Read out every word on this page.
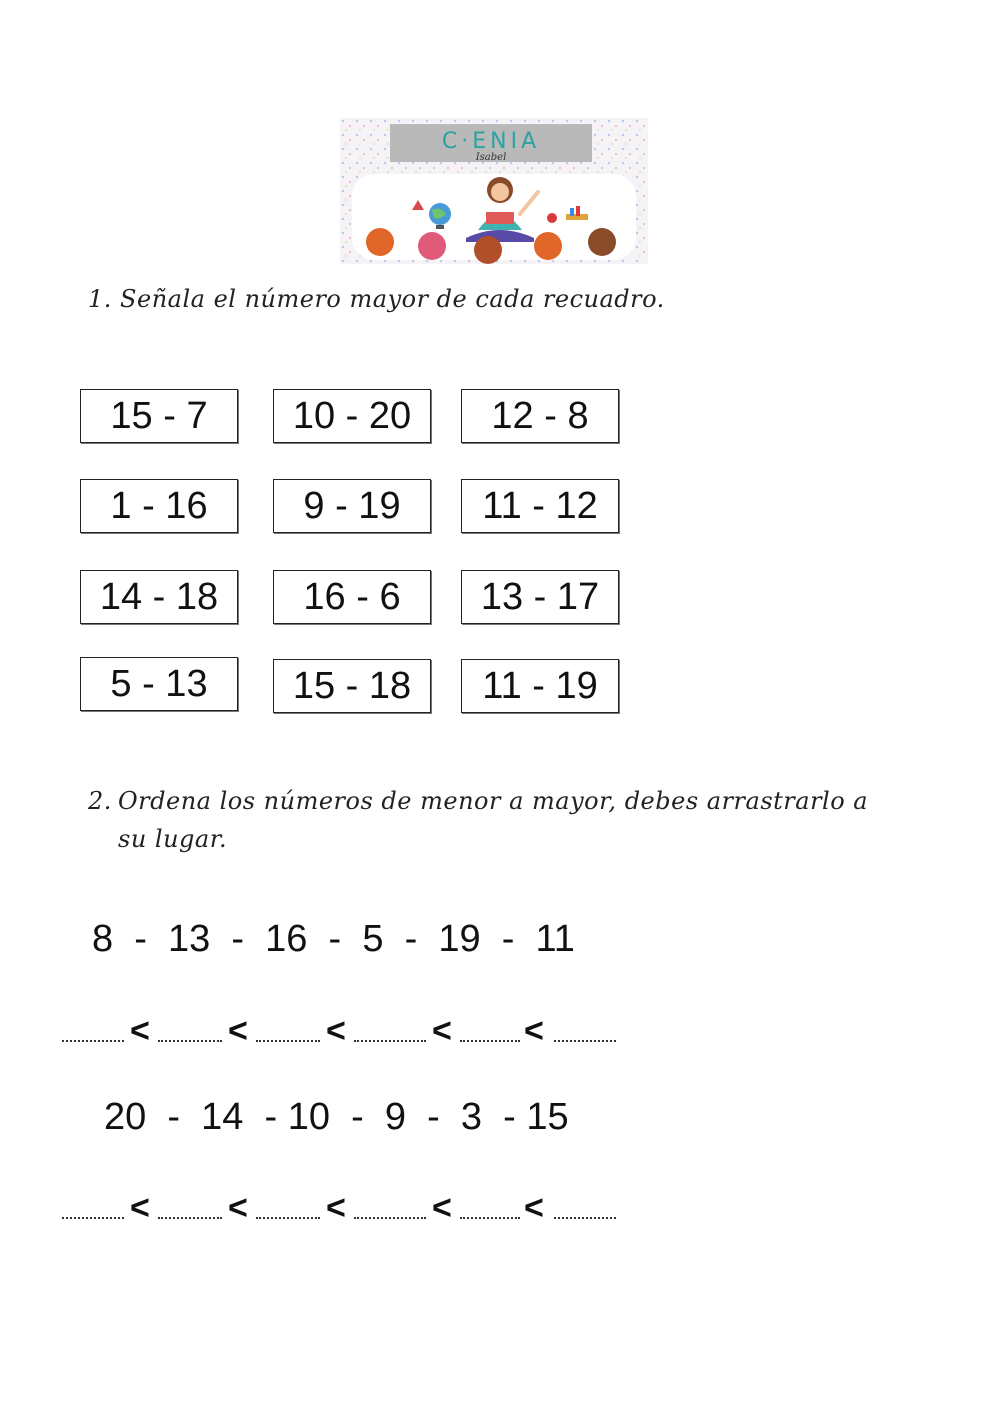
C·ENIA
Isabel
1. Señala el número mayor de cada recuadro.
15 - 7	10 - 20	12 - 8
1 - 16	9 - 19	11 - 12
14 - 18	16 - 6	13 - 17
5 - 13	15 - 18	11 - 19
2. Ordena los números de menor a mayor, debes arrastrarlo a
su lugar.
8  -  13  -  16  -  5  -  19  -  11
< < <	< <
20  -  14  - 10  -  9  -  3  - 15
< < <	< <
